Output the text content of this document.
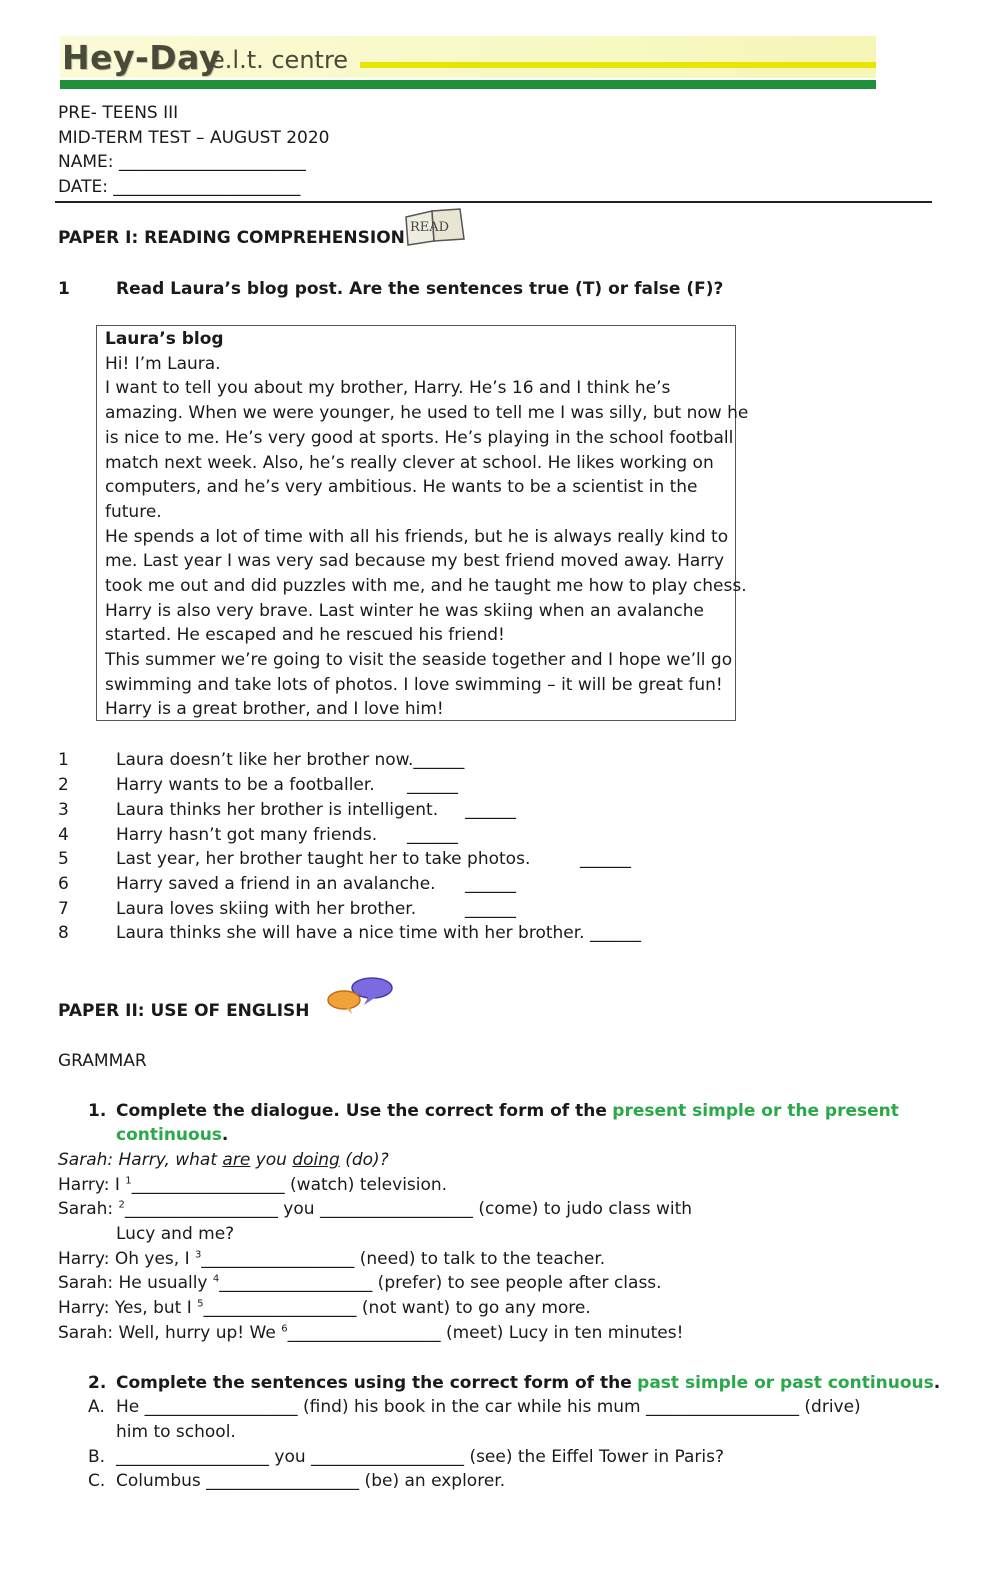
Hey-Day
e.l.t. centre
PRE- TEENS III
MID-TERM TEST – AUGUST 2020
NAME: ______________________
DATE: ______________________
PAPER I: READING COMPREHENSION
READ
1	Read Laura’s blog post. Are the sentences true (T) or false (F)?
Laura’s blog
Hi! I’m Laura.
I want to tell you about my brother, Harry. He’s 16 and I think he’s
amazing. When we were younger, he used to tell me I was silly, but now he
is nice to me. He’s very good at sports. He’s playing in the school football
match next week. Also, he’s really clever at school. He likes working on
computers, and he’s very ambitious. He wants to be a scientist in the
future.
He spends a lot of time with all his friends, but he is always really kind to
me. Last year I was very sad because my best friend moved away. Harry
took me out and did puzzles with me, and he taught me how to play chess.
Harry is also very brave. Last winter he was skiing when an avalanche
started. He escaped and he rescued his friend!
This summer we’re going to visit the seaside together and I hope we’ll go
swimming and take lots of photos. I love swimming – it will be great fun!
Harry is a great brother, and I love him!
1	Laura doesn’t like her brother now.______
2	Harry wants to be a footballer. ______
3	Laura thinks her brother is intelligent. ______
4	Harry hasn’t got many friends. ______
5	Last year, her brother taught her to take photos.	______
6	Harry saved a friend in an avalanche. ______
7	Laura loves skiing with her brother.	______
8	Laura thinks she will have a nice time with her brother. ______
PAPER II: USE OF ENGLISH
GRAMMAR
1. Complete the dialogue. Use the correct form of the present simple or the present
continuous.
Sarah: Harry, what are you doing (do)?
Harry: I $^1$__________________ (watch) television.
Sarah: $^2$__________________ you __________________ (come) to judo class with
Lucy and me?
Harry: Oh yes, I $^3$__________________ (need) to talk to the teacher.
Sarah: He usually $^4$__________________ (prefer) to see people after class.
Harry: Yes, but I $^5$__________________ (not want) to go any more.
Sarah: Well, hurry up! We $^6$__________________ (meet) Lucy in ten minutes!
2. Complete the sentences using the correct form of the past simple or past continuous.
A. He __________________ (find) his book in the car while his mum __________________ (drive)
him to school.
B. __________________ you __________________ (see) the Eiffel Tower in Paris?
C. Columbus __________________ (be) an explorer.
